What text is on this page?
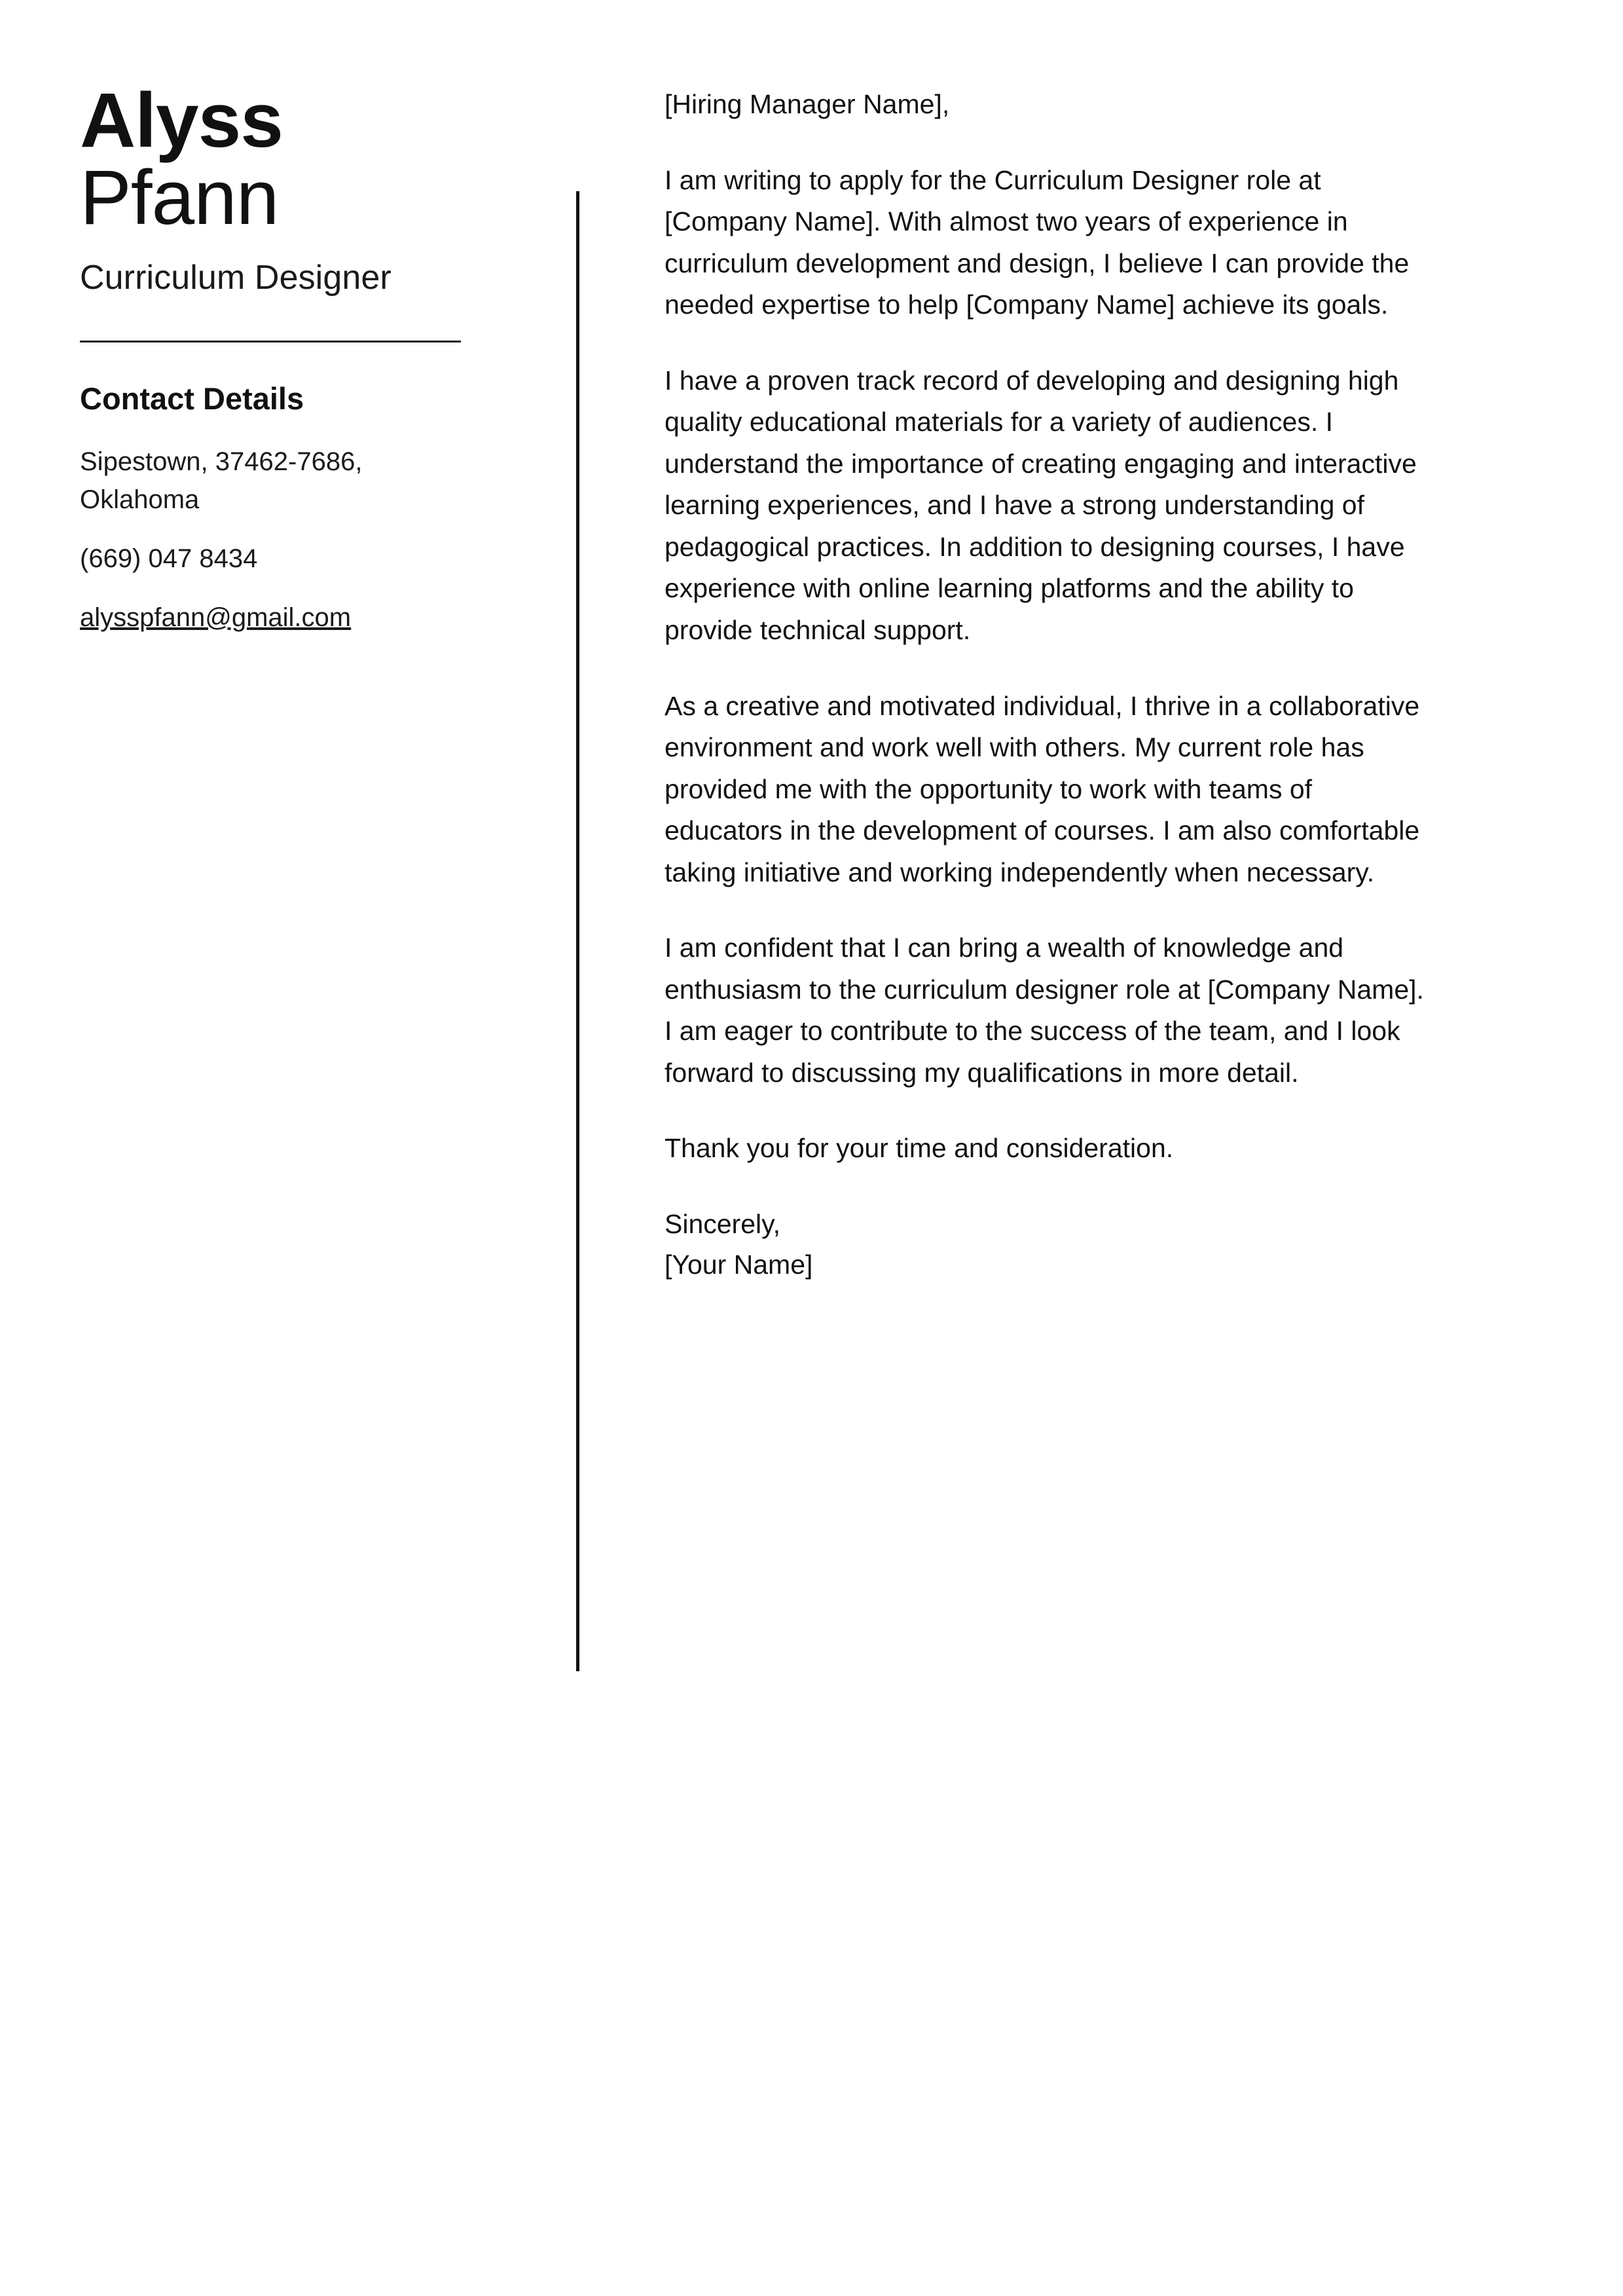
Alyss
Pfann
Curriculum Designer
Contact Details
Sipestown, 37462-7686, Oklahoma
(669) 047 8434
alysspfann@gmail.com

[Hiring Manager Name],

I am writing to apply for the Curriculum Designer role at [Company Name]. With almost two years of experience in curriculum development and design, I believe I can provide the needed expertise to help [Company Name] achieve its goals.

I have a proven track record of developing and designing high quality educational materials for a variety of audiences. I understand the importance of creating engaging and interactive learning experiences, and I have a strong understanding of pedagogical practices. In addition to designing courses, I have experience with online learning platforms and the ability to provide technical support.

As a creative and motivated individual, I thrive in a collaborative environment and work well with others. My current role has provided me with the opportunity to work with teams of educators in the development of courses. I am also comfortable taking initiative and working independently when necessary.

I am confident that I can bring a wealth of knowledge and enthusiasm to the curriculum designer role at [Company Name]. I am eager to contribute to the success of the team, and I look forward to discussing my qualifications in more detail.

Thank you for your time and consideration.

Sincerely,
[Your Name]
